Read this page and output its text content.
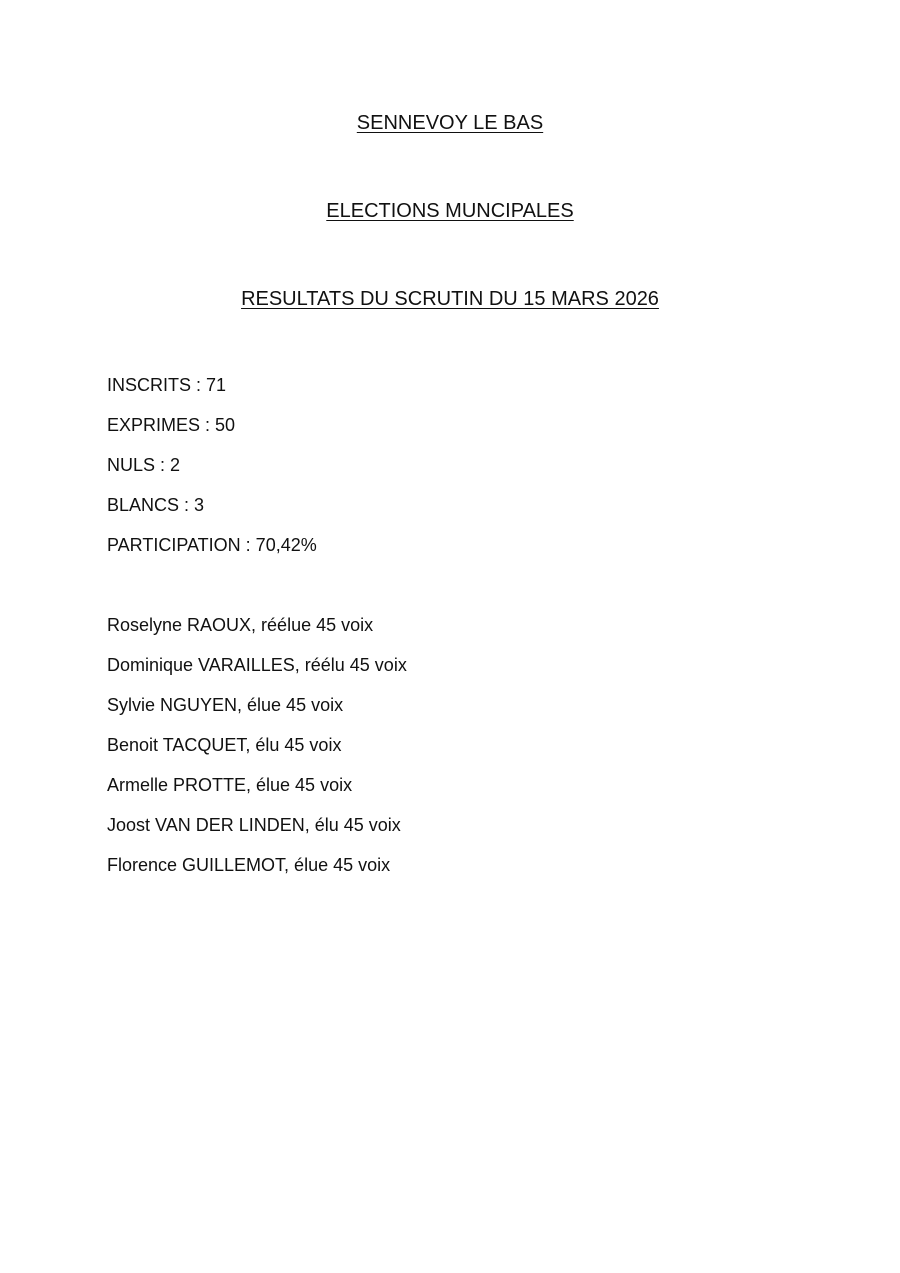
SENNEVOY LE BAS
ELECTIONS MUNCIPALES
RESULTATS DU SCRUTIN DU 15 MARS 2026
INSCRITS : 71
EXPRIMES : 50
NULS : 2
BLANCS : 3
PARTICIPATION : 70,42%
Roselyne RAOUX, réélue 45 voix
Dominique VARAILLES, réélu 45 voix
Sylvie NGUYEN, élue 45 voix
Benoit TACQUET, élu 45 voix
Armelle PROTTE, élue 45 voix
Joost VAN DER LINDEN, élu 45 voix
Florence GUILLEMOT, élue 45 voix
